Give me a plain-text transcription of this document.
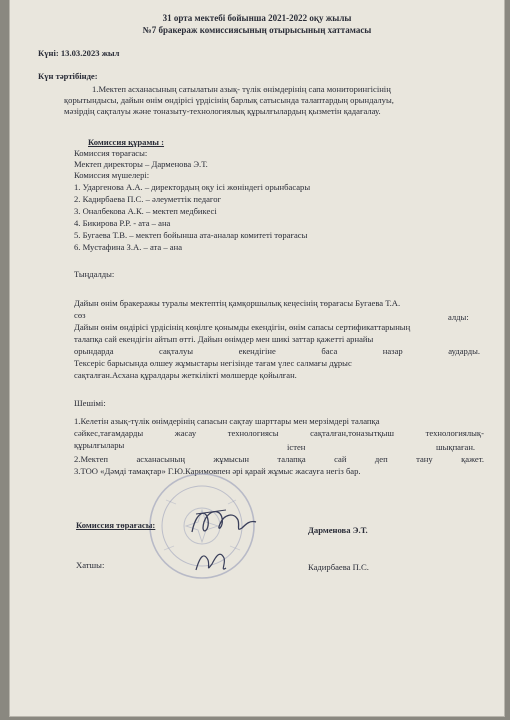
31 орта мектебі бойынша 2021-2022 оқу жылы
№7 бракераж комиссиясының отырысының хаттамасы
Күні: 13.03.2023 жыл
Күн тәртібінде:
1.Мектеп асханасының сатылатын азық- түлік өнімдерінің сапа мониторингісінің
қорытындысы, дайын өнім өндірісі үрдісінің барлық сатысында талаптардың орындалуы,
мәзірдің сақталуы және тоназыту-технологиялық құрылғылардың қызметін қадағалау.
Комиссия құрамы :
Комиссия төрағасы:
Мектеп директоры – Дарменова Э.Т.
Комиссия мүшелері:
1. Ударгенова А.А. – директордың оқу ісі жөніндегі орынбасары
2. Кадирбаева П.С. – әлеуметтік педагог
3. Оналбекова А.К. – мектеп медбикесі
4. Бикирова Р.Р. - ата – ана
5. Бугаева Т.В. – мектеп бойынша ата-аналар комитеті төрағасы
6. Мустафина З.А. – ата – ана
Тыңдалды:
Дайын өнім бракеражы туралы мектептің қамқоршылық кеңесінің төрағасы Бугаева Т.А.
сөз	алды:
Дайын өнім өндірісі үрдісінің көңілге қонымды екендігін, өнім сапасы сертификаттарының
талапқа сай екендігін айтып өтті. Дайын өнімдер мен шикі заттар қажетті арнайы
орындарда	сақталуы	екендігіне	баса	назар	аударды.
Тексеріс барысында өлшеу жұмыстары негізінде тағам үлес салмағы дұрыс
сақталған.Асхана құралдары жеткілікті мөлшерде қойылған.
Шешімі:
1.Келетін азық-түлік өнімдерінің сапасын сақтау шарттары мен мерзімдері талапқа
сәйкес,тағамдарды	жасау	технологиясы	сақталған,тоназытқыш	технологиялық-
құрылғылары	істен	шықпаған.
2.Мектеп	асханасының	жұмысын	талапқа	сай	деп	тану	қажет.
3.ТОО «Дәмді тамақтар» Г.Ю.Каримовпен әрі қарай жұмыс жасауға негіз бар.
Комиссия төрағасы:	Дарменова Э.Т.
Хатшы:	Кадирбаева П.С.
